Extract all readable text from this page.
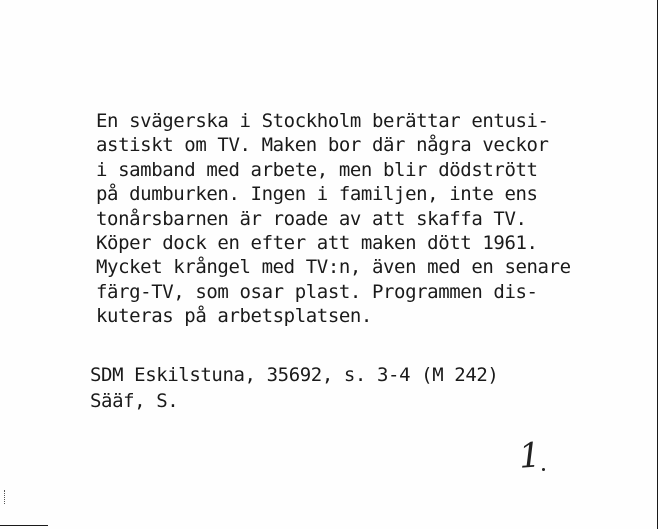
En svägerska i Stockholm berättar entusi-
astiskt om TV. Maken bor där några veckor
i samband med arbete, men blir dödstrött
på dumburken. Ingen i familjen, inte ens
tonårsbarnen är roade av att skaffa TV.
Köper dock en efter att maken dött 1961.
Mycket krångel med TV:n, även med en senare
färg-TV, som osar plast. Programmen dis-
kuteras på arbetsplatsen.
SDM Eskilstuna, 35692, s. 3-4 (M 242)
Sääf, S.
1
